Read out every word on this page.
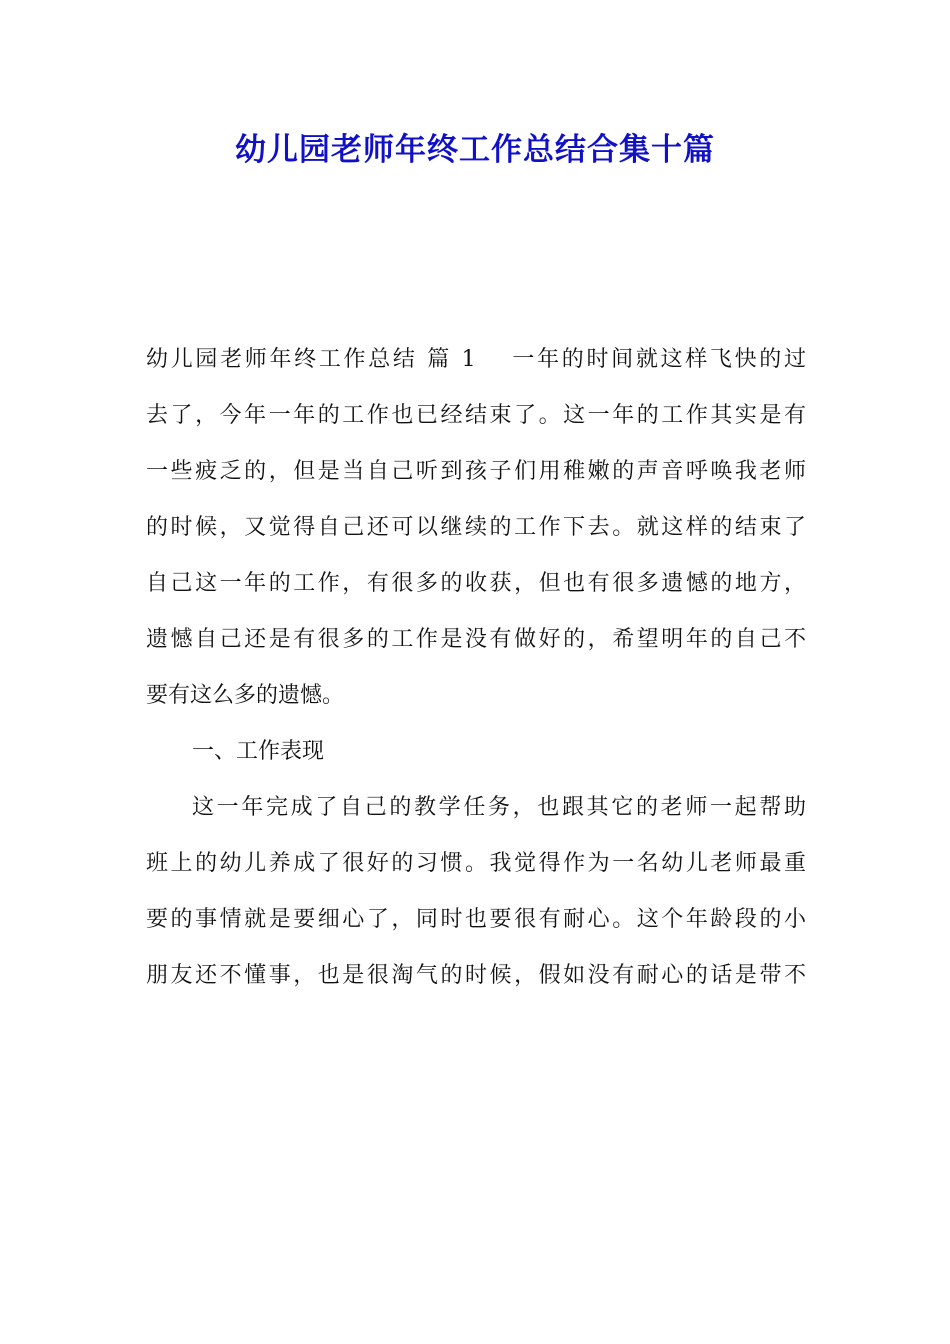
幼儿园老师年终工作总结合集十篇
幼儿园老师年终工作总结 篇 1 一年的时间就这样飞快的过
去了，今年一年的工作也已经结束了。这一年的工作其实是有
一些疲乏的，但是当自己听到孩子们用稚嫩的声音呼唤我老师
的时候，又觉得自己还可以继续的工作下去。就这样的结束了
自己这一年的工作，有很多的收获，但也有很多遗憾的地方，
遗憾自己还是有很多的工作是没有做好的，希望明年的自己不
要有这么多的遗憾。
一、工作表现
这一年完成了自己的教学任务，也跟其它的老师一起帮助
班上的幼儿养成了很好的习惯。我觉得作为一名幼儿老师最重
要的事情就是要细心了，同时也要很有耐心。这个年龄段的小
朋友还不懂事，也是很淘气的时候，假如没有耐心的话是带不
